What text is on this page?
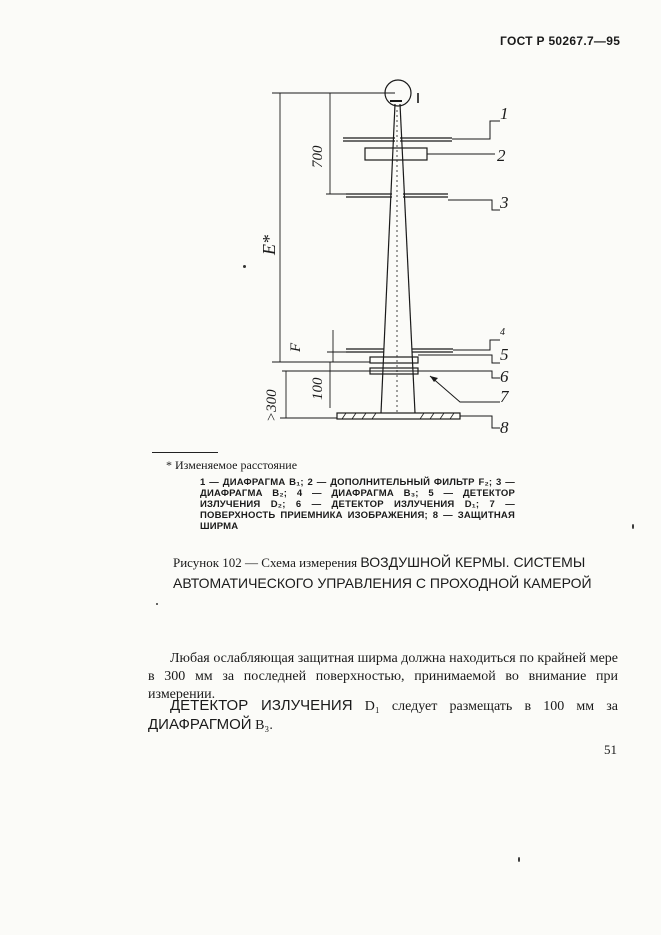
ГОСТ Р 50267.7—95
700
E*
F
100
>300
1
2
3
4
5
6
7
8
* Изменяемое расстояние
1 — ДИАФРАГМА B₁; 2 — ДОПОЛНИТЕЛЬНЫЙ ФИЛЬТР F₂; 3 — ДИАФРАГМА B₂; 4 — ДИАФРАГМА B₃; 5 — ДЕТЕКТОР ИЗЛУЧЕНИЯ D₂; 6 — ДЕТЕКТОР ИЗЛУЧЕНИЯ D₁; 7 — ПОВЕРХНОСТЬ ПРИЕМНИКА ИЗОБРАЖЕНИЯ; 8 — ЗАЩИТНАЯ ШИРМА
Рисунок 102 — Схема измерения ВОЗДУШНОЙ КЕРМЫ. СИСТЕМЫ АВТОМАТИЧЕСКОГО УПРАВЛЕНИЯ С ПРОХОДНОЙ КАМЕРОЙ
Любая ослабляющая защитная ширма должна находиться по крайней мере в 300 мм за последней поверхностью, принимаемой во внимание при измерении.
ДЕТЕКТОР ИЗЛУЧЕНИЯ D₁ следует размещать в 100 мм за ДИАФРАГМОЙ B₃.
51
